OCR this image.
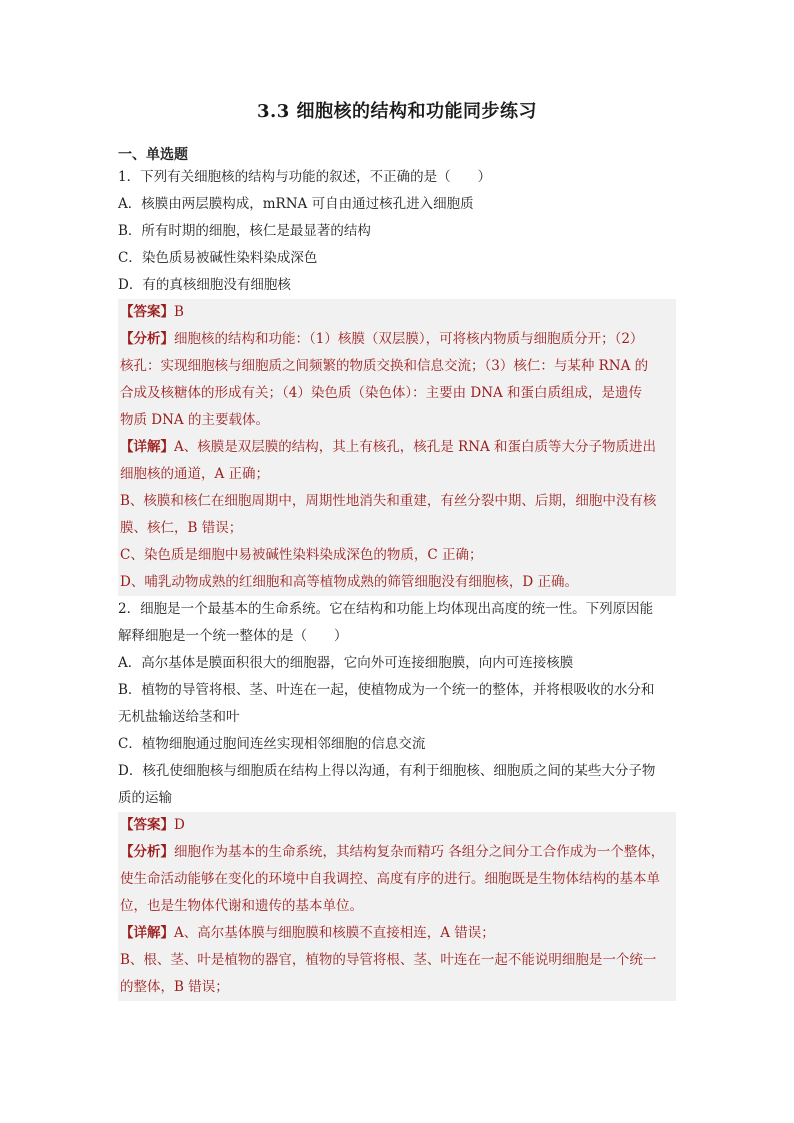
3.3 细胞核的结构和功能同步练习
一、单选题
1．下列有关细胞核的结构与功能的叙述，不正确的是（　　）
A．核膜由两层膜构成，mRNA 可自由通过核孔进入细胞质
B．所有时期的细胞，核仁是最显著的结构
C．染色质易被碱性染料染成深色
D．有的真核细胞没有细胞核
【答案】B
【分析】细胞核的结构和功能：（1）核膜（双层膜），可将核内物质与细胞质分开；（2）
核孔：实现细胞核与细胞质之间频繁的物质交换和信息交流；（3）核仁：与某种 RNA 的
合成及核糖体的形成有关；（4）染色质（染色体）：主要由 DNA 和蛋白质组成，是遗传
物质 DNA 的主要载体。
【详解】A、核膜是双层膜的结构，其上有核孔，核孔是 RNA 和蛋白质等大分子物质进出
细胞核的通道，A 正确；
B、核膜和核仁在细胞周期中，周期性地消失和重建，有丝分裂中期、后期，细胞中没有核
膜、核仁，B 错误；
C、染色质是细胞中易被碱性染料染成深色的物质，C 正确；
D、哺乳动物成熟的红细胞和高等植物成熟的筛管细胞没有细胞核，D 正确。
2．细胞是一个最基本的生命系统。它在结构和功能上均体现出高度的统一性。下列原因能
解释细胞是一个统一整体的是（　　）
A．高尔基体是膜面积很大的细胞器，它向外可连接细胞膜，向内可连接核膜
B．植物的导管将根、茎、叶连在一起，使植物成为一个统一的整体，并将根吸收的水分和
无机盐输送给茎和叶
C．植物细胞通过胞间连丝实现相邻细胞的信息交流
D．核孔使细胞核与细胞质在结构上得以沟通，有利于细胞核、细胞质之间的某些大分子物
质的运输
【答案】D
【分析】细胞作为基本的生命系统，其结构复杂而精巧 各组分之间分工合作成为一个整体，
使生命活动能够在变化的环境中自我调控、高度有序的进行。细胞既是生物体结构的基本单
位，也是生物体代谢和遗传的基本单位。
【详解】A、高尔基体膜与细胞膜和核膜不直接相连，A 错误；
B、根、茎、叶是植物的器官，植物的导管将根、茎、叶连在一起不能说明细胞是一个统一
的整体，B 错误；
